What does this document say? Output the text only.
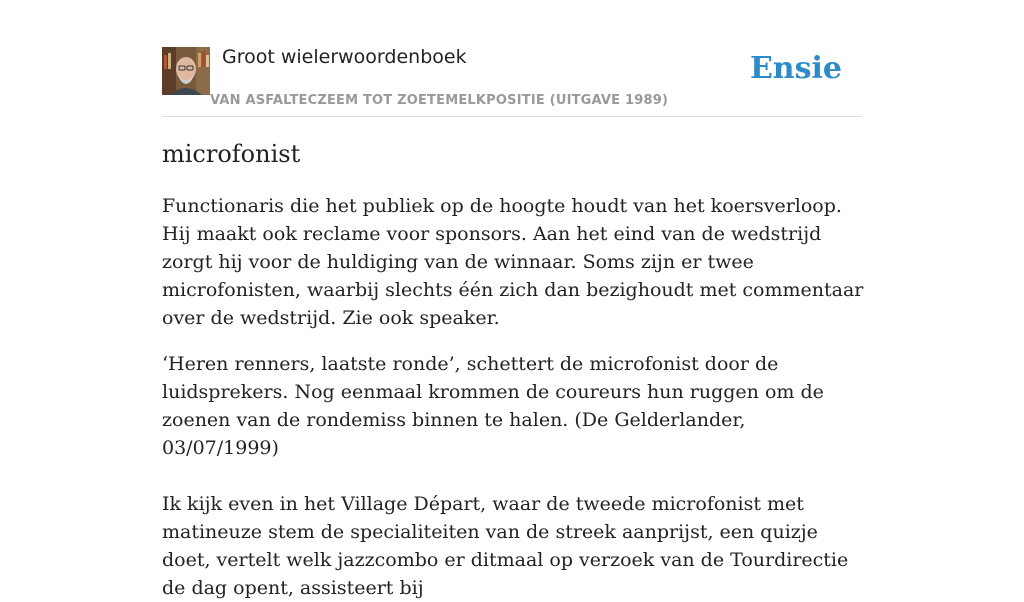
Groot wielerwoordenboek
VAN ASFALTECZEEM TOT ZOETEMELKPOSITIE (UITGAVE 1989)
Ensie
microfonist

Functionaris die het publiek op de hoogte houdt van het koersverloop. Hij maakt ook reclame voor sponsors. Aan het eind van de wedstrijd zorgt hij voor de huldiging van de winnaar. Soms zijn er twee microfonisten, waarbij slechts één zich dan bezighoudt met commentaar over de wedstrijd. Zie ook speaker.

‘Heren renners, laatste ronde’, schettert de microfonist door de luidsprekers. Nog eenmaal krommen de coureurs hun ruggen om de zoenen van de rondemiss binnen te halen. (De Gelderlander, 03/07/1999)

Ik kijk even in het Village Départ, waar de tweede microfonist met matineuze stem de specialiteiten van de streek aanprijst, een quizje doet, vertelt welk jazzcombo er ditmaal op verzoek van de Tourdirectie de dag opent, assisteert bij
